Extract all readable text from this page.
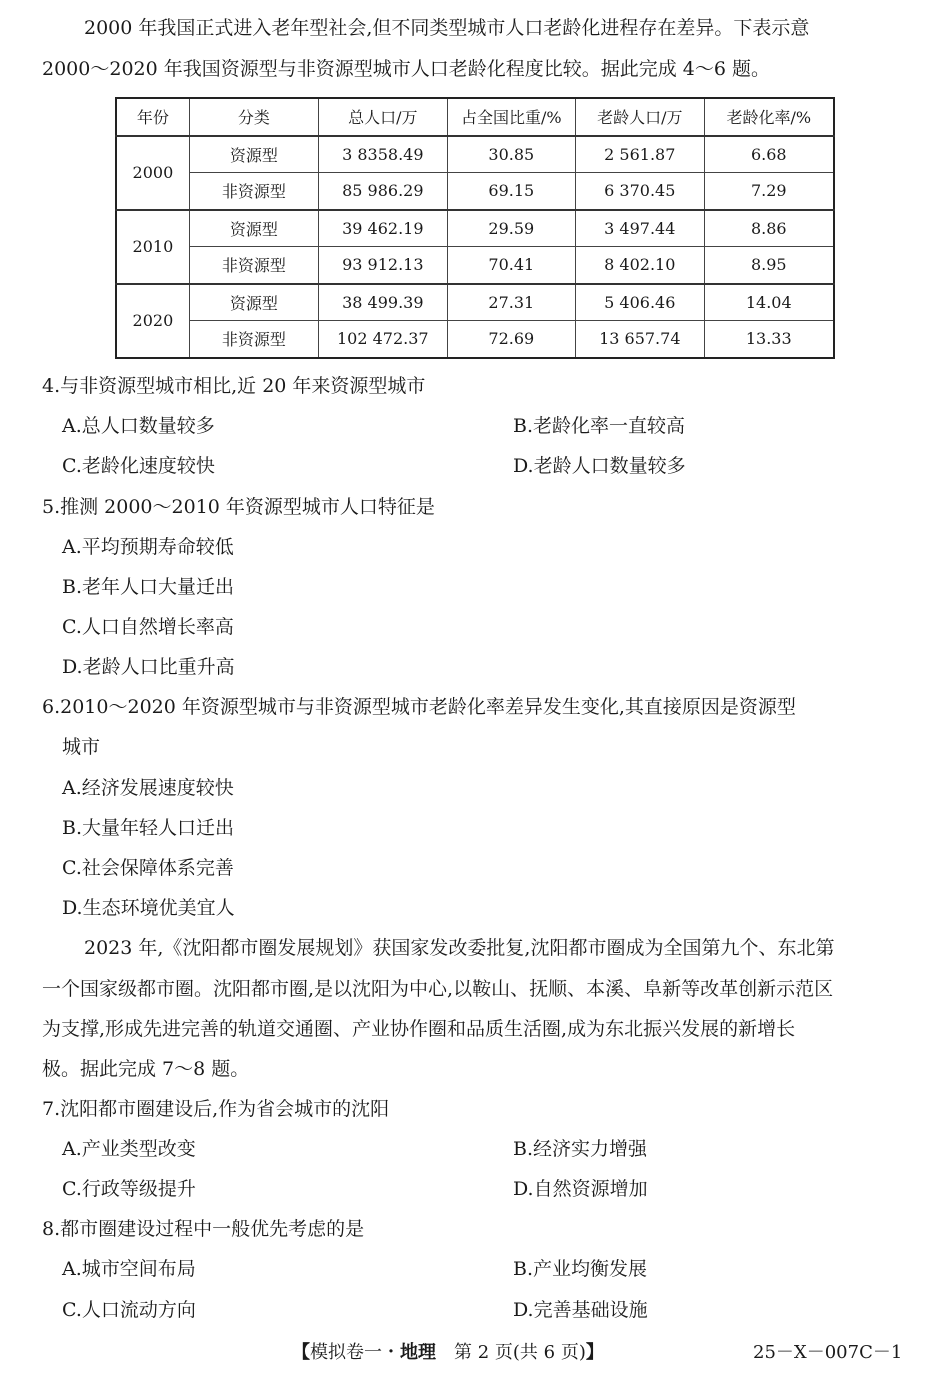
2000 年我国正式进入老年型社会,但不同类型城市人口老龄化进程存在差异。下表示意
2000～2020 年我国资源型与非资源型城市人口老龄化程度比较。据此完成 4～6 题。
年份	分类	总人口/万	占全国比重/%	老龄人口/万	老龄化率/%
2000	资源型	3 8358.49	30.85	2 561.87	6.68
	非资源型	85 986.29	69.15	6 370.45	7.29
2010	资源型	39 462.19	29.59	3 497.44	8.86
	非资源型	93 912.13	70.41	8 402.10	8.95
2020	资源型	38 499.39	27.31	5 406.46	14.04
	非资源型	102 472.37	72.69	13 657.74	13.33
4.与非资源型城市相比,近 20 年来资源型城市
A.总人口数量较多	B.老龄化率一直较高
C.老龄化速度较快	D.老龄人口数量较多
5.推测 2000～2010 年资源型城市人口特征是
A.平均预期寿命较低
B.老年人口大量迁出
C.人口自然增长率高
D.老龄人口比重升高
6.2010～2020 年资源型城市与非资源型城市老龄化率差异发生变化,其直接原因是资源型
城市
A.经济发展速度较快
B.大量年轻人口迁出
C.社会保障体系完善
D.生态环境优美宜人
2023 年,《沈阳都市圈发展规划》获国家发改委批复,沈阳都市圈成为全国第九个、东北第
一个国家级都市圈。沈阳都市圈,是以沈阳为中心,以鞍山、抚顺、本溪、阜新等改革创新示范区
为支撑,形成先进完善的轨道交通圈、产业协作圈和品质生活圈,成为东北振兴发展的新增长
极。据此完成 7～8 题。
7.沈阳都市圈建设后,作为省会城市的沈阳
A.产业类型改变	B.经济实力增强
C.行政等级提升	D.自然资源增加
8.都市圈建设过程中一般优先考虑的是
A.城市空间布局	B.产业均衡发展
C.人口流动方向	D.完善基础设施
【模拟卷一・地理　第 2 页(共 6 页)】	25－X－007C－1
